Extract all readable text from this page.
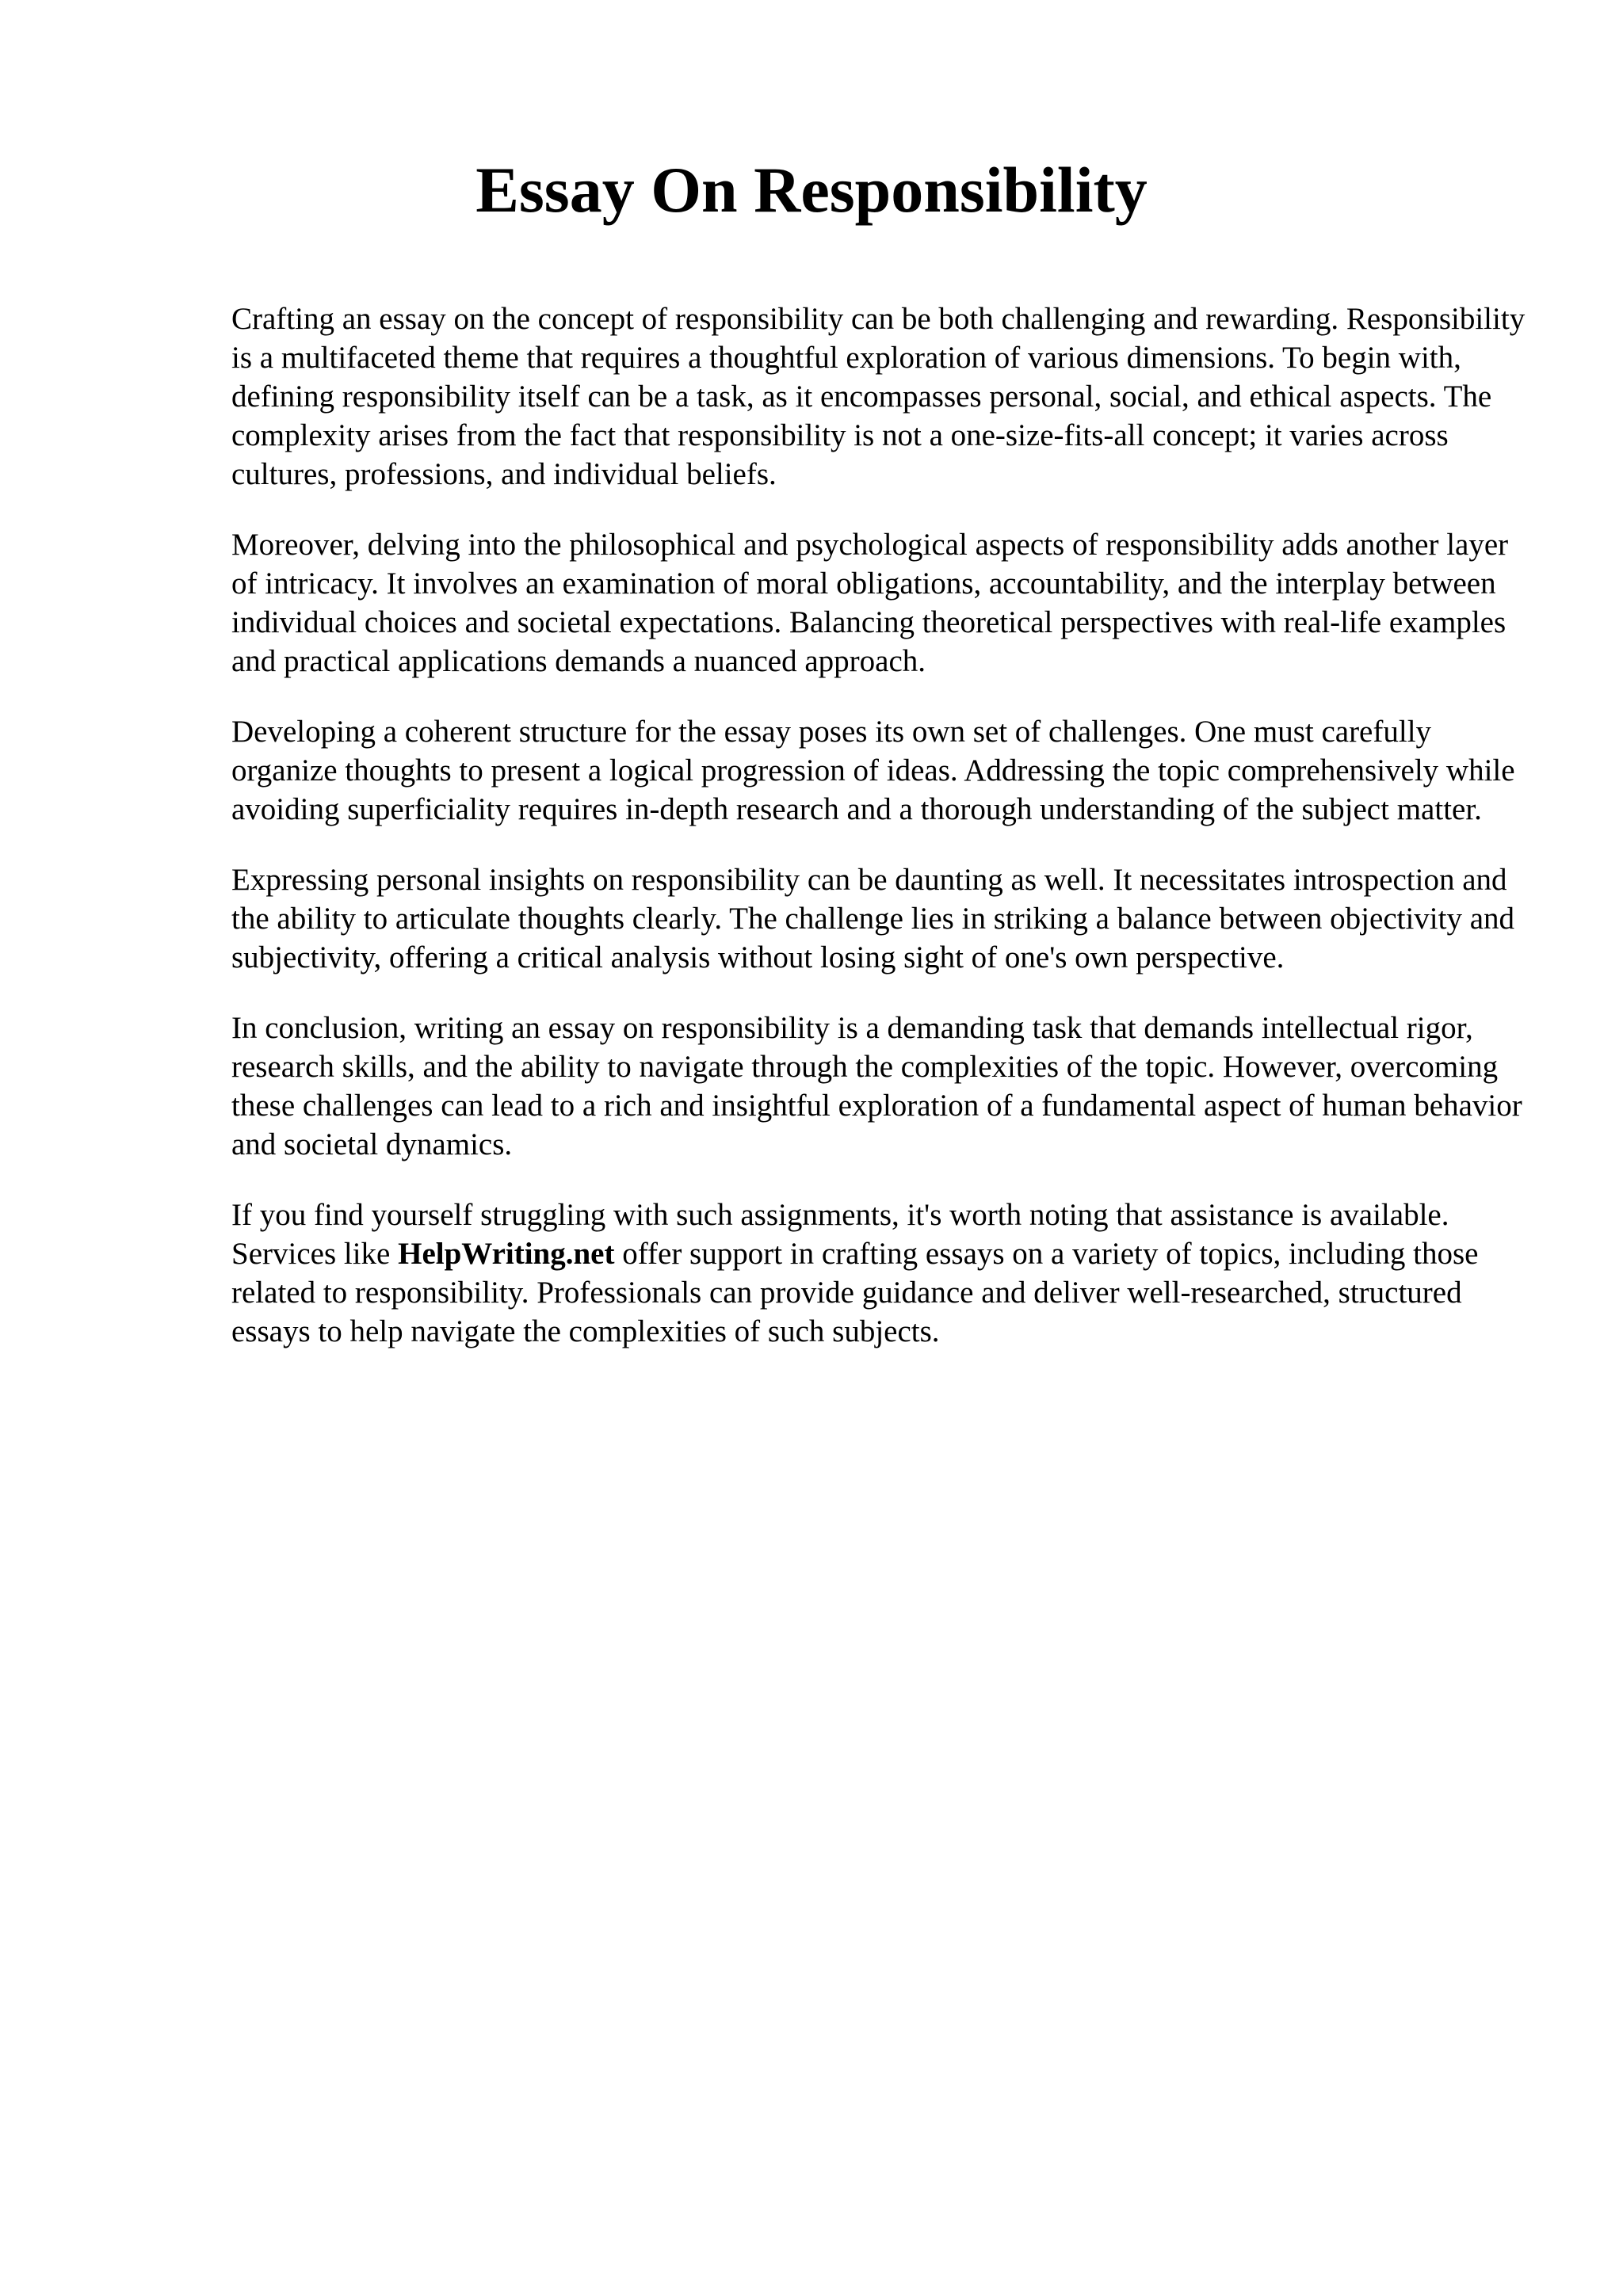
Essay On Responsibility

Crafting an essay on the concept of responsibility can be both challenging and rewarding. Responsibility is a multifaceted theme that requires a thoughtful exploration of various dimensions. To begin with, defining responsibility itself can be a task, as it encompasses personal, social, and ethical aspects. The complexity arises from the fact that responsibility is not a one-size-fits-all concept; it varies across cultures, professions, and individual beliefs.

Moreover, delving into the philosophical and psychological aspects of responsibility adds another layer of intricacy. It involves an examination of moral obligations, accountability, and the interplay between individual choices and societal expectations. Balancing theoretical perspectives with real-life examples and practical applications demands a nuanced approach.

Developing a coherent structure for the essay poses its own set of challenges. One must carefully organize thoughts to present a logical progression of ideas. Addressing the topic comprehensively while avoiding superficiality requires in-depth research and a thorough understanding of the subject matter.

Expressing personal insights on responsibility can be daunting as well. It necessitates introspection and the ability to articulate thoughts clearly. The challenge lies in striking a balance between objectivity and subjectivity, offering a critical analysis without losing sight of one's own perspective.

In conclusion, writing an essay on responsibility is a demanding task that demands intellectual rigor, research skills, and the ability to navigate through the complexities of the topic. However, overcoming these challenges can lead to a rich and insightful exploration of a fundamental aspect of human behavior and societal dynamics.

If you find yourself struggling with such assignments, it's worth noting that assistance is available. Services like HelpWriting.net offer support in crafting essays on a variety of topics, including those related to responsibility. Professionals can provide guidance and deliver well-researched, structured essays to help navigate the complexities of such subjects.
